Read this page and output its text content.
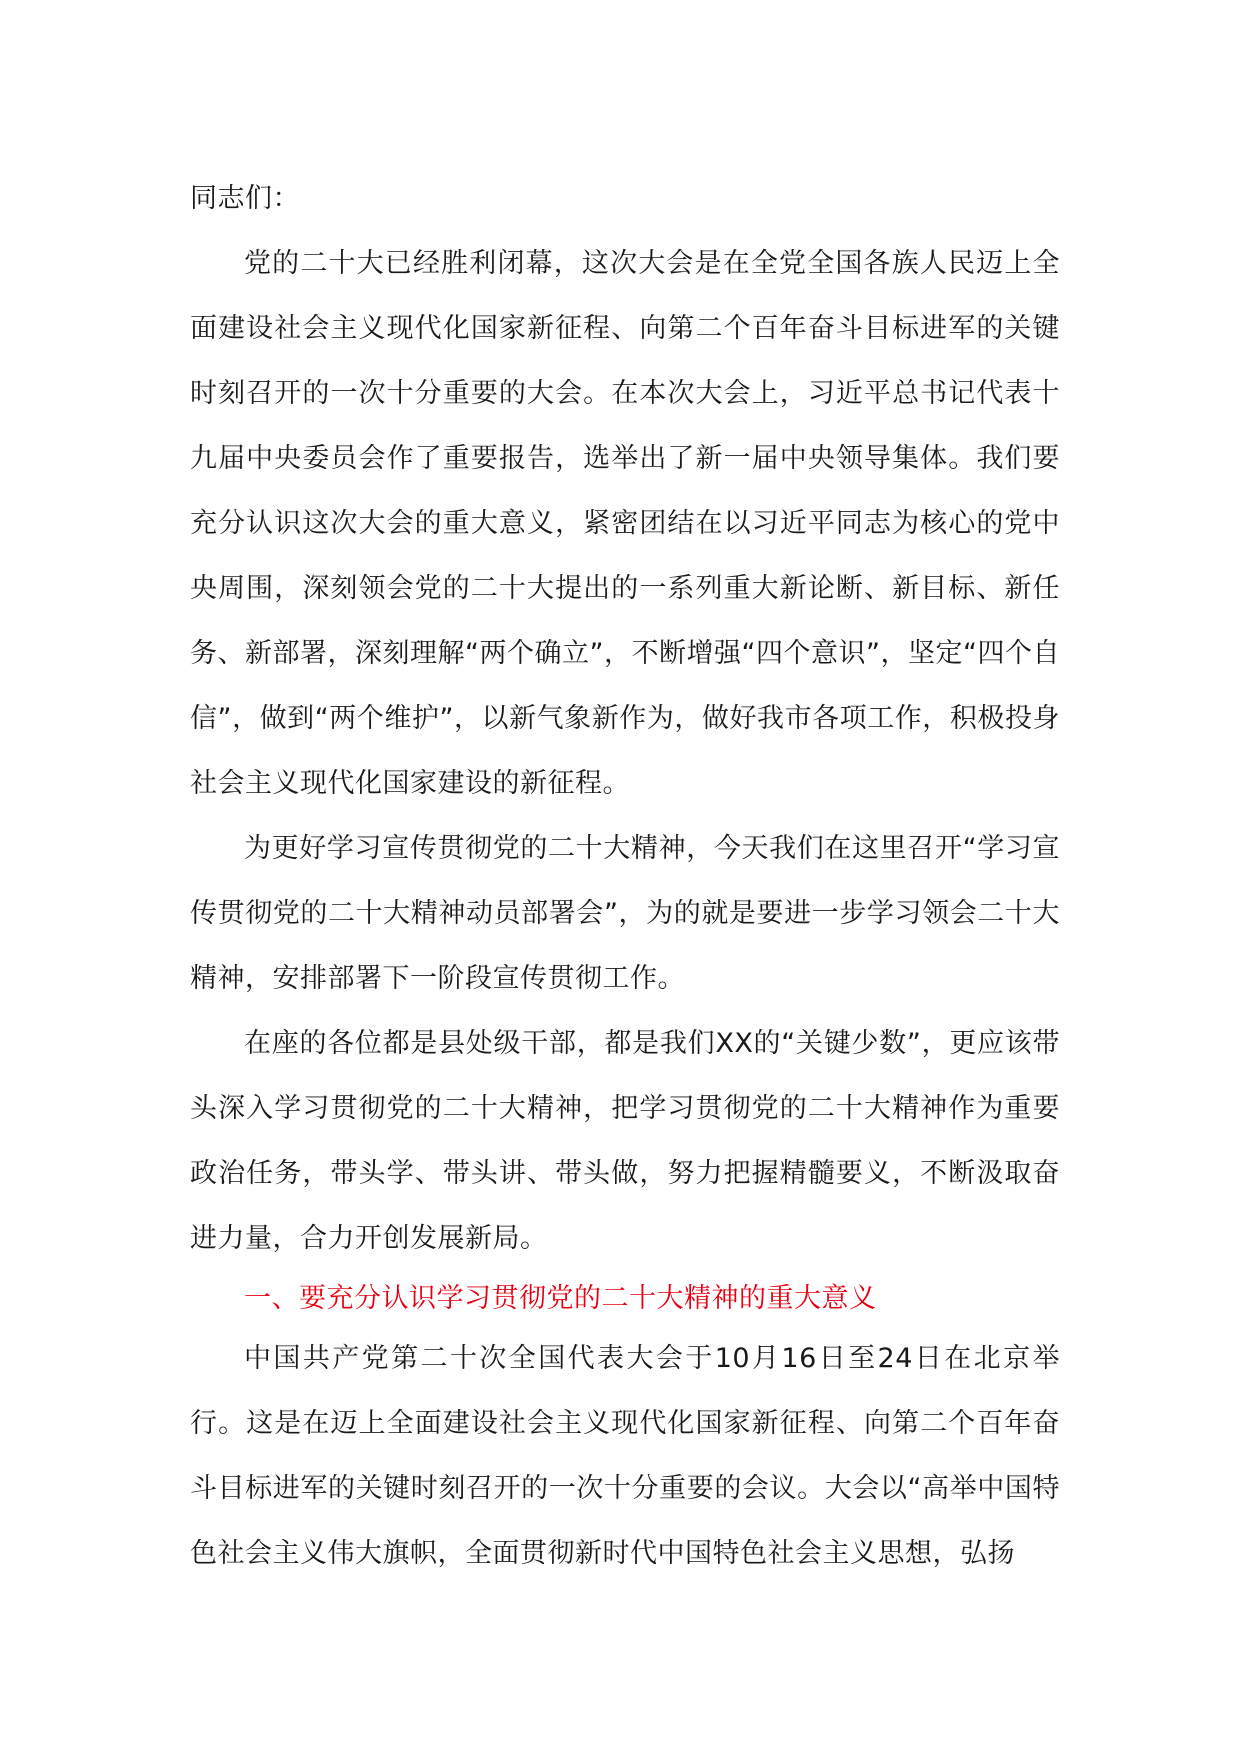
同志们：

党的二十大已经胜利闭幕，这次大会是在全党全国各族人民迈上全面建设社会主义现代化国家新征程、向第二个百年奋斗目标进军的关键时刻召开的一次十分重要的大会。在本次大会上，习近平总书记代表十九届中央委员会作了重要报告，选举出了新一届中央领导集体。我们要充分认识这次大会的重大意义，紧密团结在以习近平同志为核心的党中央周围，深刻领会党的二十大提出的一系列重大新论断、新目标、新任务、新部署，深刻理解“两个确立”，不断增强“四个意识”，坚定“四个自信”，做到“两个维护”，以新气象新作为，做好我市各项工作，积极投身社会主义现代化国家建设的新征程。

为更好学习宣传贯彻党的二十大精神，今天我们在这里召开“学习宣传贯彻党的二十大精神动员部署会”，为的就是要进一步学习领会二十大精神，安排部署下一阶段宣传贯彻工作。

在座的各位都是县处级干部，都是我们XX的“关键少数”，更应该带头深入学习贯彻党的二十大精神，把学习贯彻党的二十大精神作为重要政治任务，带头学、带头讲、带头做，努力把握精髓要义，不断汲取奋进力量，合力开创发展新局。

一、要充分认识学习贯彻党的二十大精神的重大意义

中国共产党第二十次全国代表大会于10月16日至24日在北京举行。这是在迈上全面建设社会主义现代化国家新征程、向第二个百年奋斗目标进军的关键时刻召开的一次十分重要的会议。大会以“高举中国特色社会主义伟大旗帜，全面贯彻新时代中国特色社会主义思想，弘扬
